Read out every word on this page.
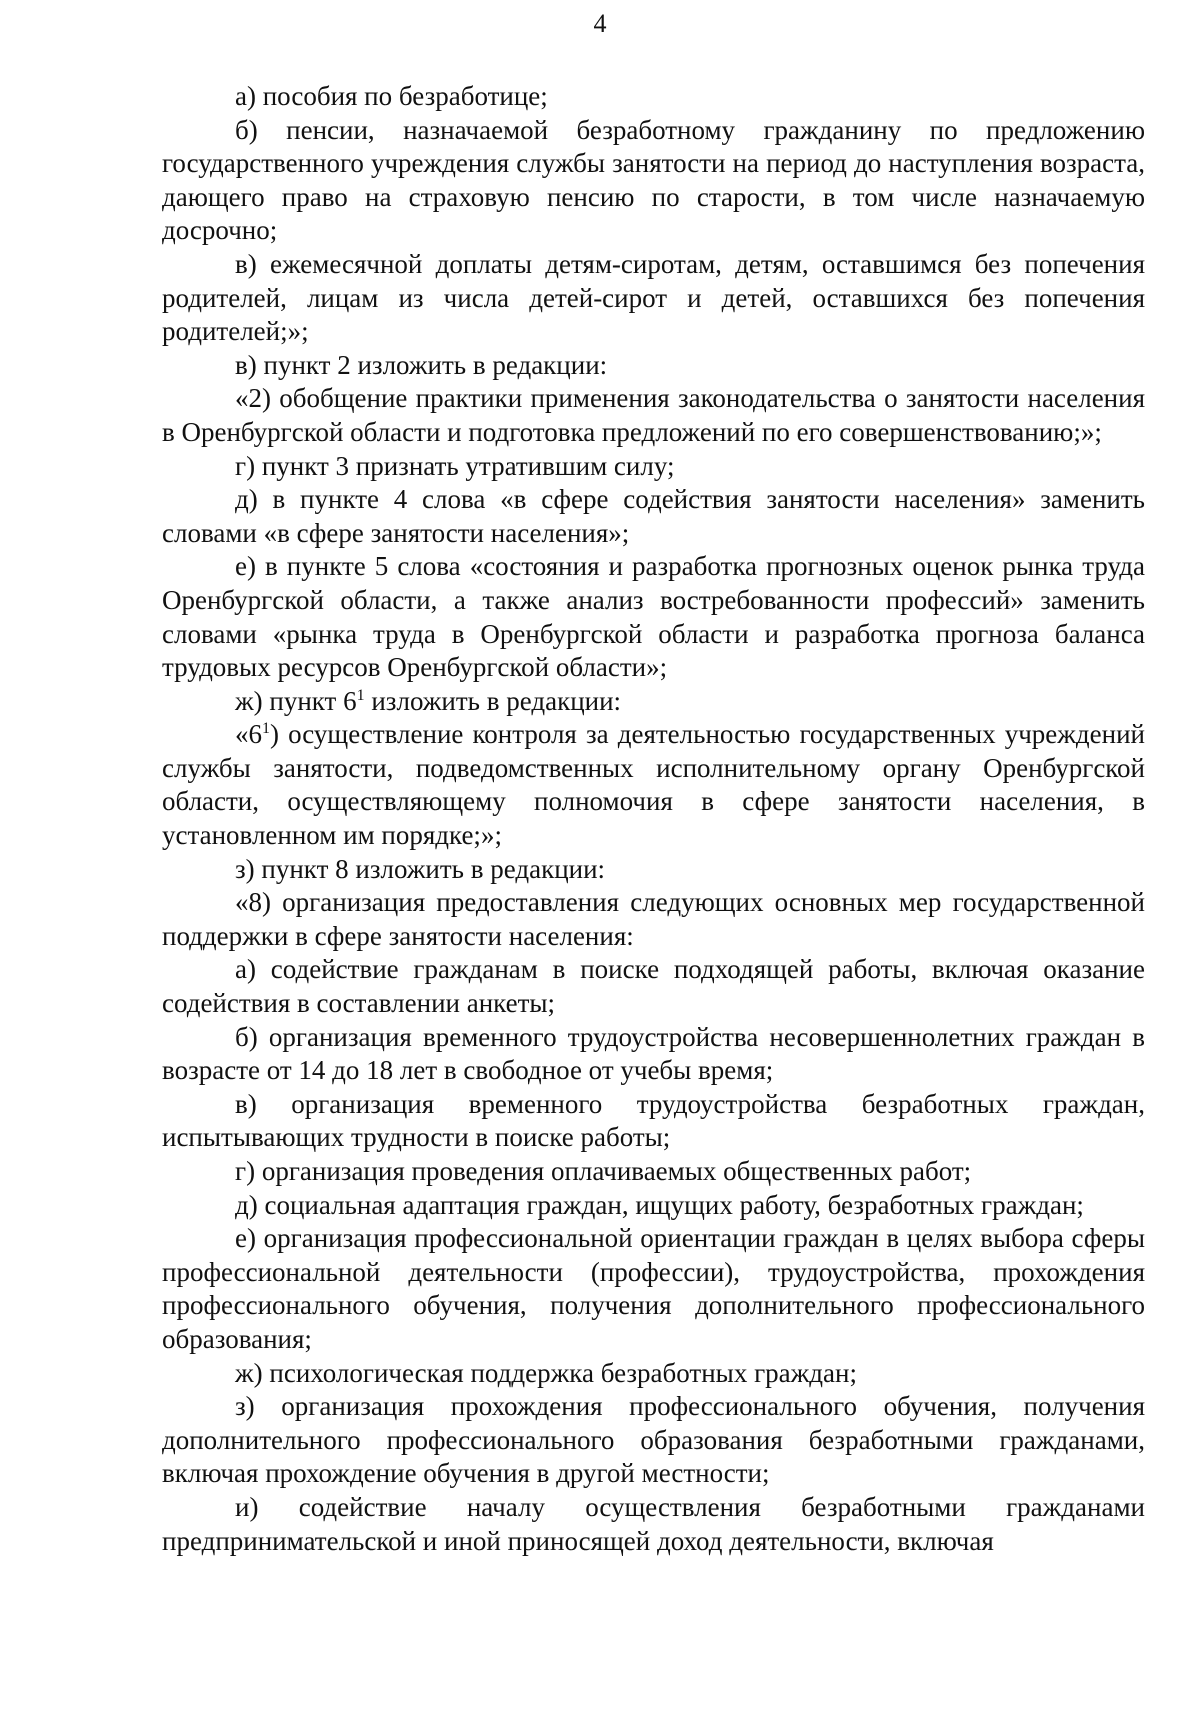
4

а) пособия по безработице;

б) пенсии, назначаемой безработному гражданину по предложению государственного учреждения службы занятости на период до наступления возраста, дающего право на страховую пенсию по старости, в том числе назначаемую досрочно;

в) ежемесячной доплаты детям-сиротам, детям, оставшимся без попечения родителей, лицам из числа детей-сирот и детей, оставшихся без попечения родителей;»;

в) пункт 2 изложить в редакции:

«2) обобщение практики применения законодательства о занятости населения в Оренбургской области и подготовка предложений по его совершенствованию;»;

г) пункт 3 признать утратившим силу;

д) в пункте 4 слова «в сфере содействия занятости населения» заменить словами «в сфере занятости населения»;

е) в пункте 5 слова «состояния и разработка прогнозных оценок рынка труда Оренбургской области, а также анализ востребованности профессий» заменить словами «рынка труда в Оренбургской области и разработка прогноза баланса трудовых ресурсов Оренбургской области»;

ж) пункт $6^1$ изложить в редакции:

«$6^1$) осуществление контроля за деятельностью государственных учреждений службы занятости, подведомственных исполнительному органу Оренбургской области, осуществляющему полномочия в сфере занятости населения, в установленном им порядке;»;

з) пункт 8 изложить в редакции:

«8) организация предоставления следующих основных мер государственной поддержки в сфере занятости населения:

а) содействие гражданам в поиске подходящей работы, включая оказание содействия в составлении анкеты;

б) организация временного трудоустройства несовершеннолетних граждан в возрасте от 14 до 18 лет в свободное от учебы время;

в) организация временного трудоустройства безработных граждан, испытывающих трудности в поиске работы;

г) организация проведения оплачиваемых общественных работ;

д) социальная адаптация граждан, ищущих работу, безработных граждан;

е) организация профессиональной ориентации граждан в целях выбора сферы профессиональной деятельности (профессии), трудоустройства, прохождения профессионального обучения, получения дополнительного профессионального образования;

ж) психологическая поддержка безработных граждан;

з) организация прохождения профессионального обучения, получения дополнительного профессионального образования безработными гражданами, включая прохождение обучения в другой местности;

и) содействие началу осуществления безработными гражданами предпринимательской и иной приносящей доход деятельности, включая
